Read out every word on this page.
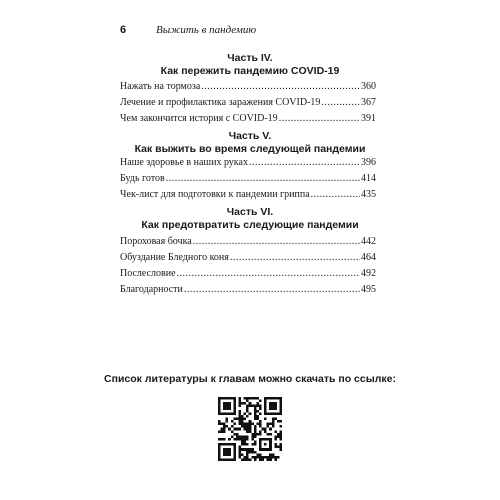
6	Выжить в пандемию
Часть IV.
Как пережить пандемию COVID-19
Нажать на тормоза .....	360
Лечение и профилактика заражения COVID-19 .....	367
Чем закончится история с COVID-19 .....	391
Часть V.
Как выжить во время следующей пандемии
Наше здоровье в наших руках .....	396
Будь готов .....	414
Чек-лист для подготовки к пандемии гриппа .....	435
Часть VI.
Как предотвратить следующие пандемии
Пороховая бочка .....	442
Обуздание Бледного коня .....	464
Послесловие .....	492
Благодарности .....	495
Список литературы к главам можно скачать по ссылке:
